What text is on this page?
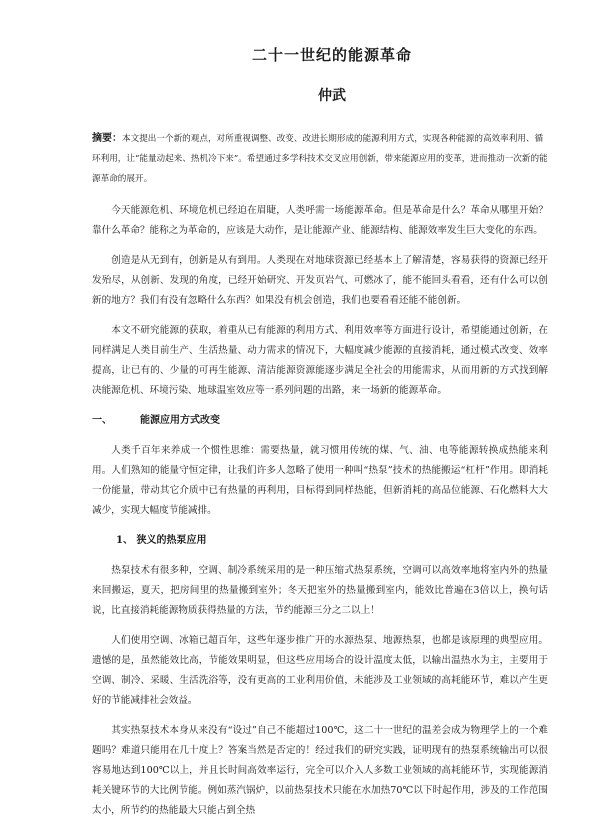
二十一世纪的能源革命
仲武
摘要：本文提出一个新的观点，对所重视调整、改变、改进长期形成的能源利用方式，实现各种能源的高效率利用、循环利用，让“能量动起来、热机冷下来”。希望通过多学科技术交叉应用创新，带来能源应用的变革，进而推动一次新的能源革命的展开。

今天能源危机、环境危机已经迫在眉睫，人类呼需一场能源革命。但是革命是什么？革命从哪里开始？靠什么革命？能称之为革命的，应该是大动作，是让能源产业、能源结构、能源效率发生巨大变化的东西。

创造是从无到有，创新是从有到用。人类现在对地球资源已经基本上了解清楚，容易获得的资源已经开发殆尽，从创新、发现的角度，已经开始研究、开发页岩气、可燃冰了，能不能回头看看，还有什么可以创新的地方？我们有没有忽略什么东西？如果没有机会创造，我们也要看看还能不能创新。

本文不研究能源的获取，着重从已有能源的利用方式、利用效率等方面进行设计，希望能通过创新，在同样满足人类目前生产、生活热量、动力需求的情况下，大幅度减少能源的直接消耗，通过模式改变、效率提高，让已有的、少量的可再生能源、清洁能源资源能逐步满足全社会的用能需求，从而用新的方式找到解决能源危机、环境污染、地球温室效应等一系列问题的出路，来一场新的能源革命。

一、	能源应用方式改变

人类千百年来养成一个惯性思维：需要热量，就习惯用传统的煤、气、油、电等能源转换成热能来利用。人们熟知的能量守恒定律，让我们许多人忽略了使用一种叫“热泵”技术的热能搬运“杠杆”作用。即消耗一份能量，带动其它介质中已有热量的再利用，目标得到同样热能，但新消耗的高品位能源、石化燃料大大减少，实现大幅度节能减排。

1、 狭义的热泵应用

热泵技术有很多种，空调、制冷系统采用的是一种压缩式热泵系统，空调可以高效率地将室内外的热量来回搬运，夏天，把房间里的热量搬到室外；冬天把室外的热量搬到室内，能效比普遍在3倍以上，换句话说，比直接消耗能源物质获得热量的方法，节约能源三分之二以上！

人们使用空调、冰箱已超百年，这些年逐步推广开的水源热泵、地源热泵，也都是该原理的典型应用。遗憾的是，虽然能效比高，节能效果明显，但这些应用场合的设计温度太低，以输出温热水为主，主要用于空调、制冷、采暖、生活洗浴等，没有更高的工业利用价值，未能涉及工业领域的高耗能环节，难以产生更好的节能减排社会效益。

其实热泵技术本身从来没有“设过”自己不能超过100℃，这二十一世纪的温差会成为物理学上的一个难题吗？难道只能用在几十度上？答案当然是否定的！经过我们的研究实践，证明现有的热泵系统输出可以很容易地达到100℃以上，并且长时间高效率运行，完全可以介入人多数工业领域的高耗能环节，实现能源消耗关键环节的大比例节能。例如蒸汽锅炉，以前热泵技术只能在水加热70℃以下时起作用，涉及的工作范围太小，所节约的热能最大只能占到全热
